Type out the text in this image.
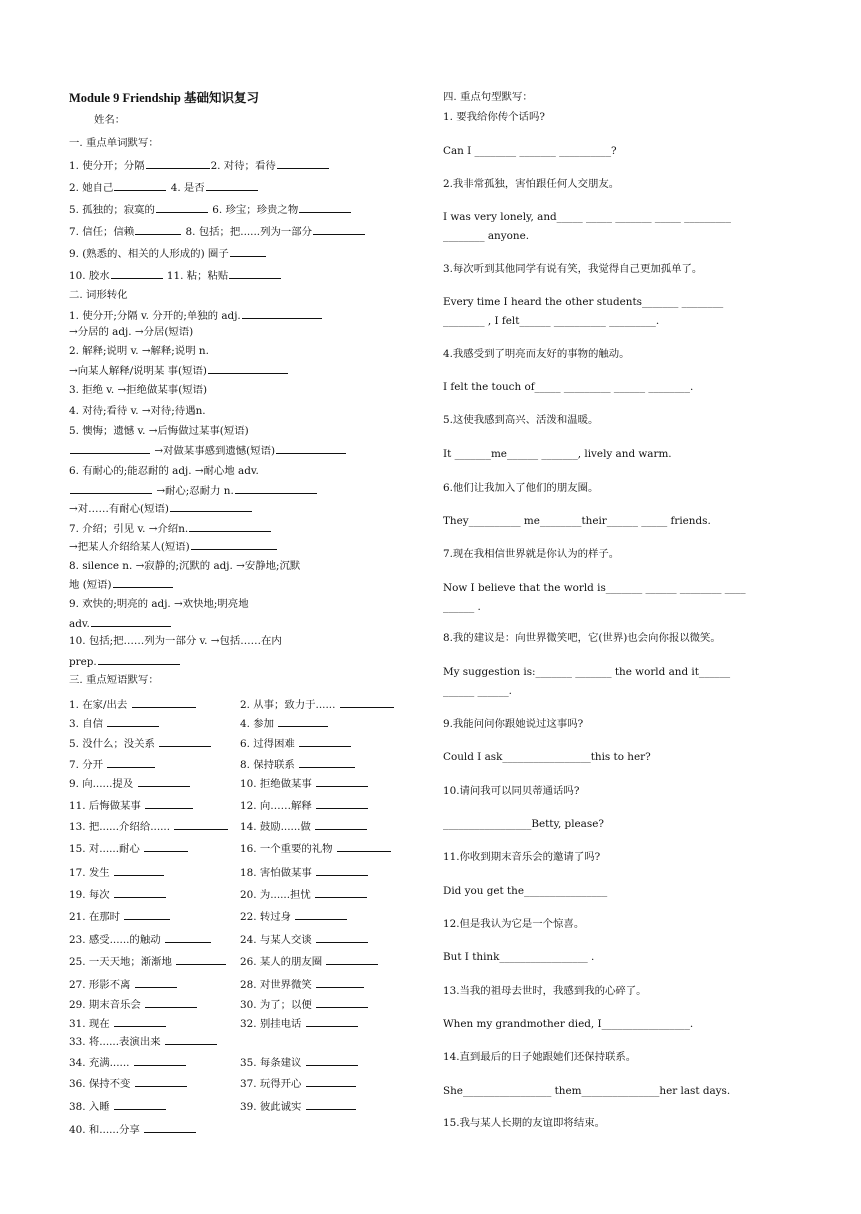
Module 9 Friendship 基础知识复习
姓名：
一. 重点单词默写：
1. 使分开；分隔	2. 对待；看待
2. 她自己	4. 是否
5. 孤独的；寂寞的	6. 珍宝；珍贵之物
7. 信任；信赖	8. 包括；把......列为一部分
9. (熟悉的、相关的人形成的) 圈子
10. 胶水	11. 粘；粘贴
二. 词形转化
1. 使分开;分隔 v. 分开的;单独的 adj.
→分居的 adj. →分居(短语)
2. 解释;说明 v. →解释;说明 n.
→向某人解释/说明某 事(短语)
3. 拒绝 v. →拒绝做某事(短语)
4. 对待;看待 v. →对待;待遇n.
5. 懊悔；遗憾 v. →后悔做过某事(短语)
→对做某事感到遗憾(短语)
6. 有耐心的;能忍耐的 adj. →耐心地 adv.
→耐心;忍耐力 n.
→对……有耐心(短语)
7. 介绍；引见 v. →介绍n.
→把某人介绍给某人(短语)
8. silence n. →寂静的;沉默的 adj. →安静地;沉默
地 (短语)
9. 欢快的;明亮的 adj. →欢快地;明亮地
adv.
10. 包括;把……列为一部分 v. →包括……在内
prep.
三. 重点短语默写：
1. 在家/出去	2. 从事；致力于......
3. 自信	4. 参加
5. 没什么；没关系	6. 过得困难
7. 分开	8. 保持联系
9. 向......提及	10. 拒绝做某事
11. 后悔做某事	12. 向……解释
13. 把......介绍给......	14. 鼓励......做
15. 对......耐心	16. 一个重要的礼物
17. 发生	18. 害怕做某事
19. 每次	20. 为......担忧
21. 在那时	22. 转过身
23. 感受......的触动	24. 与某人交谈
25. 一天天地；渐渐地	26. 某人的朋友圈
27. 形影不离	28. 对世界微笑
29. 期末音乐会	30. 为了；以便
31. 现在	32. 别挂电话
33. 将......表演出来
34. 充满......	35. 每条建议
36. 保持不变	37. 玩得开心
38. 入睡	39. 彼此诚实
40. 和......分享
四. 重点句型默写：
1. 要我给你传个话吗?
Can I ________ _______ __________?
2.我非常孤独，害怕跟任何人交朋友。
I was very lonely, and_____ _____ _______ _____ _________
________ anyone.
3.每次听到其他同学有说有笑，我觉得自己更加孤单了。
Every time I heard the other students_______ ________
________ , I felt______ __________ _________.
4.我感受到了明亮而友好的事物的触动。
I felt the touch of_____ _________ ______ ________.
5.这使我感到高兴、活泼和温暖。
It _______me______ _______, lively and warm.
6.他们让我加入了他们的朋友圈。
They__________ me________their______ _____ friends.
7.现在我相信世界就是你认为的样子。
Now I believe that the world is_______ ______ ________ ____
______ .
8.我的建议是：向世界微笑吧，它(世界)也会向你报以微笑。
My suggestion is:_______ _______ the world and it______
______ ______.
9.我能问问你跟她说过这事吗?
Could I ask_________________this to her?
10.请问我可以同贝蒂通话吗?
_________________Betty, please?
11.你收到期末音乐会的邀请了吗?
Did you get the________________
12.但是我认为它是一个惊喜。
But I think_________________ .
13.当我的祖母去世时，我感到我的心碎了。
When my grandmother died, I_________________.
14.直到最后的日子她跟她们还保持联系。
She_________________ them_______________her last days.
15.我与某人长期的友谊即将结束。
